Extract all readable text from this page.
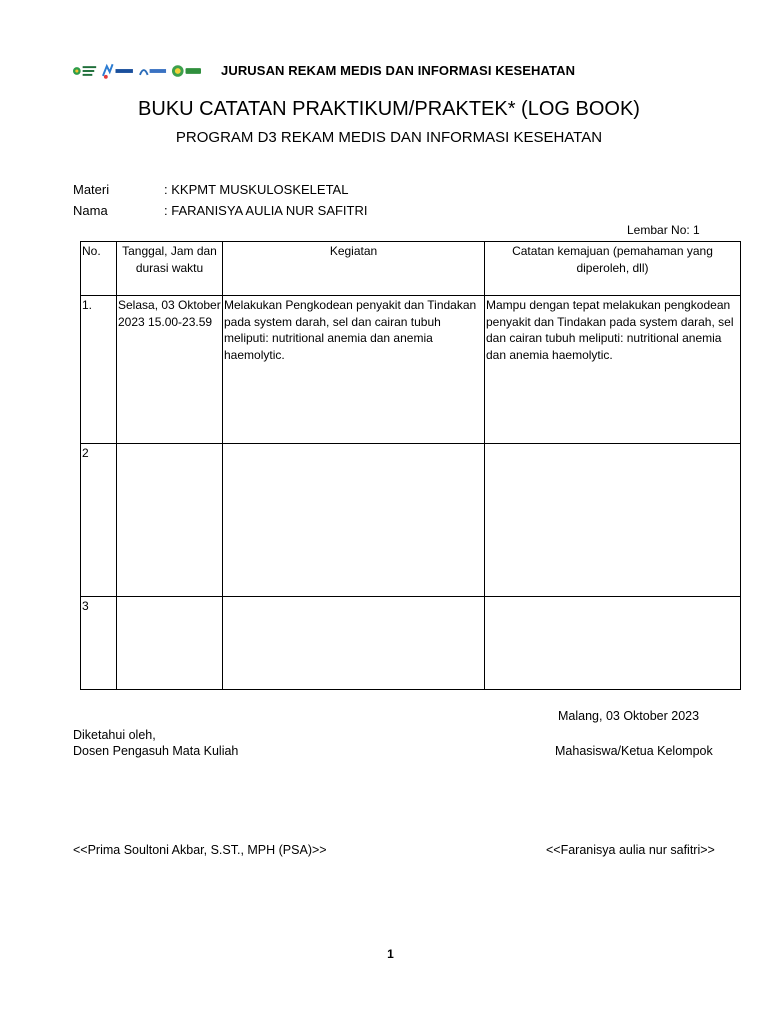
JURUSAN REKAM MEDIS DAN INFORMASI KESEHATAN
BUKU CATATAN PRAKTIKUM/PRAKTEK* (LOG BOOK)
PROGRAM D3 REKAM MEDIS DAN INFORMASI KESEHATAN
Materi	: KKPMT MUSKULOSKELETAL
Nama	: FARANISYA AULIA NUR SAFITRI
Lembar No: 1
No.	Tanggal, Jam dan durasi waktu	Kegiatan	Catatan kemajuan (pemahaman yang diperoleh, dll)
1.	Selasa, 03 Oktober 2023 15.00-23.59	Melakukan Pengkodean penyakit dan Tindakan pada system darah, sel dan cairan tubuh meliputi: nutritional anemia dan anemia haemolytic.	Mampu dengan tepat melakukan pengkodean penyakit dan Tindakan pada system darah, sel dan cairan tubuh meliputi: nutritional anemia dan anemia haemolytic.
2			
3			
Malang, 03 Oktober 2023
Diketahui oleh,
Dosen Pengasuh Mata Kuliah	Mahasiswa/Ketua Kelompok
<<Prima Soultoni Akbar, S.ST., MPH (PSA)>>	<<Faranisya aulia nur safitri>>
1
